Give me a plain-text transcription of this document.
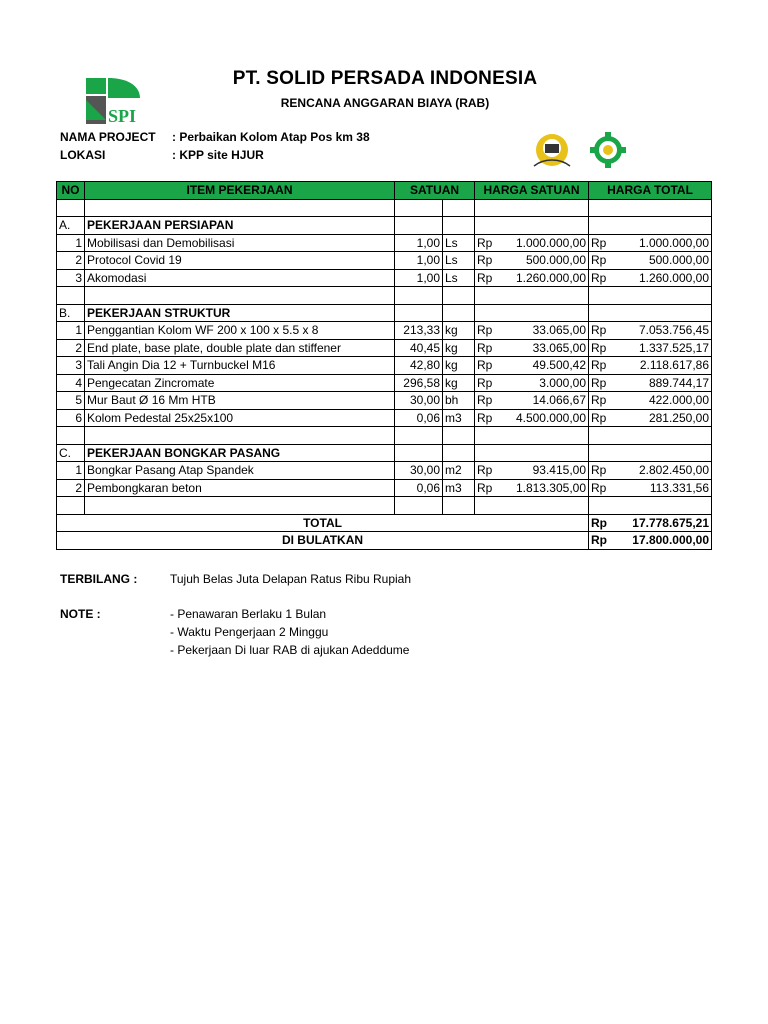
SPI
PT. SOLID PERSADA INDONESIA
RENCANA ANGGARAN BIAYA (RAB)
NAMA PROJECT : Perbaikan Kolom Atap Pos km 38
LOKASI	: KPP site HJUR
NO	ITEM PEKERJAAN	SATUAN		HARGA SATUAN	HARGA TOTAL

A.	PEKERJAAN PERSIAPAN				
1	Mobilisasi dan Demobilisasi	1,00	Ls	Rp 1.000.000,00	Rp 1.000.000,00

2	Protocol Covid 19	1,00	Ls	Rp 500.000,00	Rp 500.000,00

3	Akomodasi	1,00	Ls	Rp 1.260.000,00	Rp 1.260.000,00

B.	PEKERJAAN STRUKTUR				
1	Penggantian Kolom WF 200 x 100 x 5.5 x 8	213,33	kg	Rp 33.065,00	Rp 7.053.756,45

2	End plate, base plate, double plate dan stiffener	40,45	kg	Rp 33.065,00	Rp 1.337.525,17

3	Tali Angin Dia 12 + Turnbuckel M16	42,80	kg	Rp 49.500,42	Rp 2.118.617,86

4	Pengecatan Zincromate	296,58	kg	Rp 3.000,00	Rp 889.744,17

5	Mur Baut Ø 16 Mm HTB	30,00	bh	Rp 14.066,67	Rp 422.000,00

6	Kolom Pedestal 25x25x100	0,06	m3	Rp 4.500.000,00	Rp 281.250,00

C.	PEKERJAAN BONGKAR PASANG				
1	Bongkar Pasang Atap Spandek	30,00	m2	Rp 93.415,00	Rp 2.802.450,00

2	Pembongkaran beton	0,06	m3	Rp 1.813.305,00	Rp 113.331,56

TOTAL					Rp 17.778.675,21

DI BULATKAN					Rp 17.800.000,00
TERBILANG :	Tujuh Belas Juta Delapan Ratus Ribu Rupiah
NOTE :	- Penawaran Berlaku 1 Bulan
- Waktu Pengerjaan 2 Minggu
- Pekerjaan Di luar RAB di ajukan Adeddume
